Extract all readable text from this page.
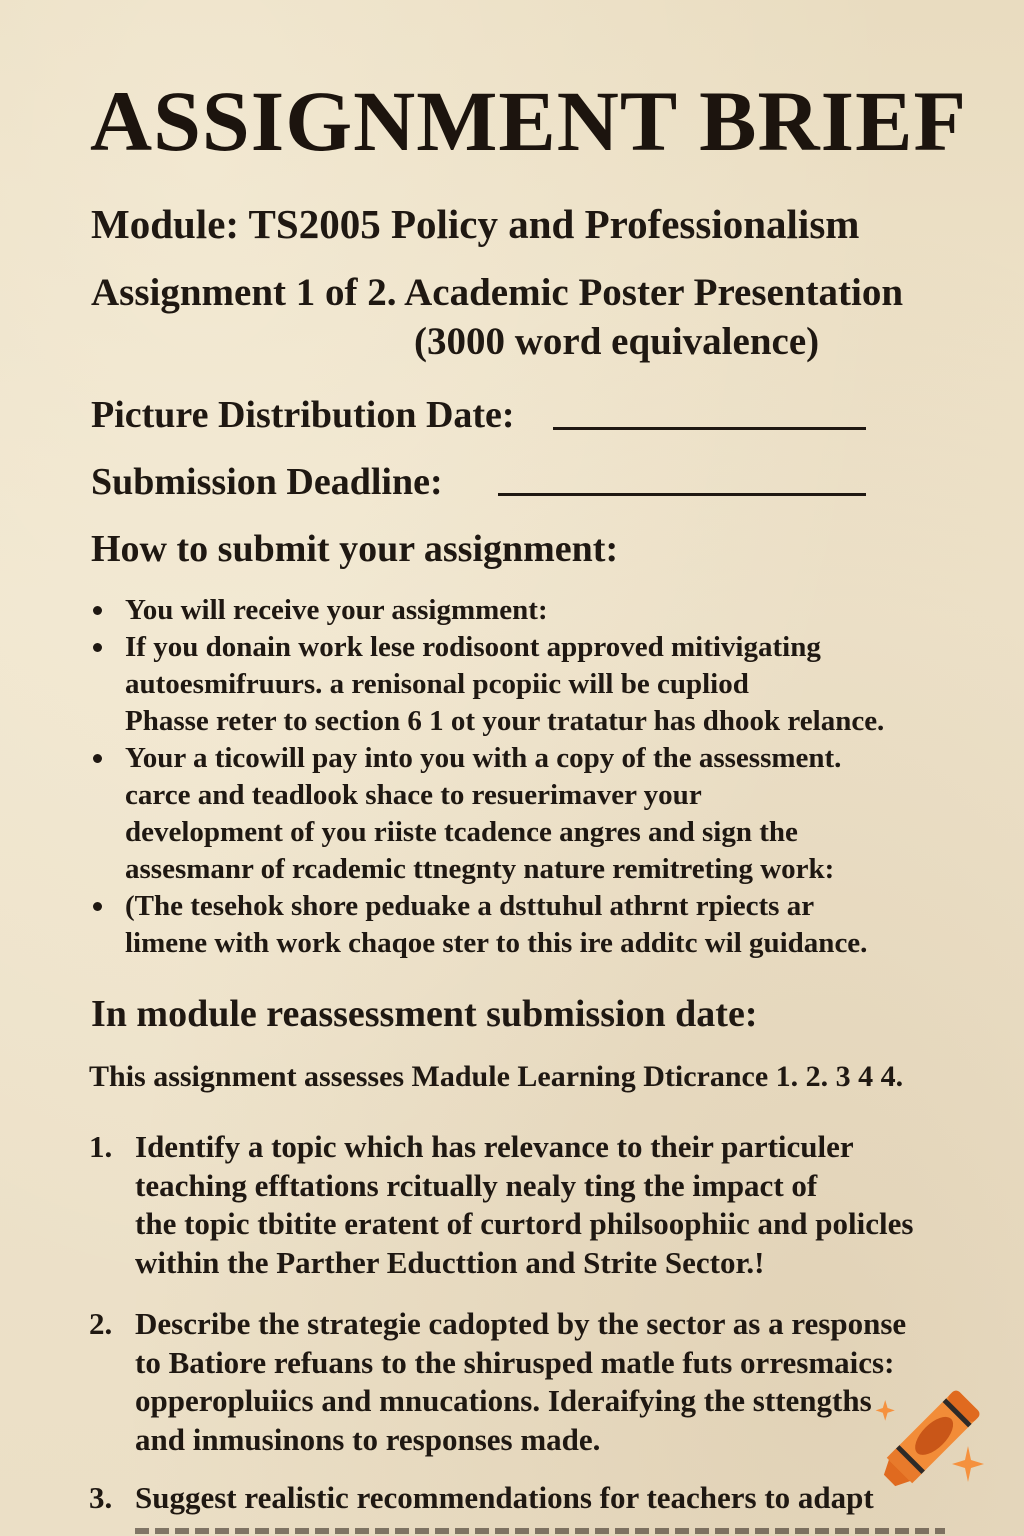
ASSIGNMENT BRIEF
Module: TS2005 Policy and Professionalism
Assignment 1 of 2. Academic Poster Presentation
(3000 word equivalence)
Picture Distribution Date:
Submission Deadline:
How to submit your assignment:
You will receive your assigmment:
If you donain work lese rodisoont approved mitivigating
autoesmifruurs. a renisonal pcopiic will be cupliod
Phasse reter to section 6 1 ot your tratatur has dhook relance.
Your a ticowill pay into you with a copy of the assessment.
carce and teadlook shace to resuerimaver your
development of you riiste tcadence angres and sign the
assesmanr of rcademic ttnegnty nature remitreting work:
(The tesehok shore peduake a dsttuhul athrnt rpiects ar
limene with work chaqoe ster to this ire additc wil guidance.
In module reassessment submission date:
This assignment assesses Madule Learning Dticrance 1. 2. 3 4 4.
1. Identify a topic which has relevance to their particuler
teaching efftations rcitually nealy ting the impact of
the topic tbitite eratent of curtord philsoophiic and policles
within the Parther Educttion and Strite Sector.!
2. Describe the strategie cadopted by the sector as a response
to Batiore refuans to the shirusped matle futs orresmaics:
opperopluiics and mnucations. Ideraifying the sttengths
and inmusinons to responses made.
3. Suggest realistic recommendations for teachers to adapt
